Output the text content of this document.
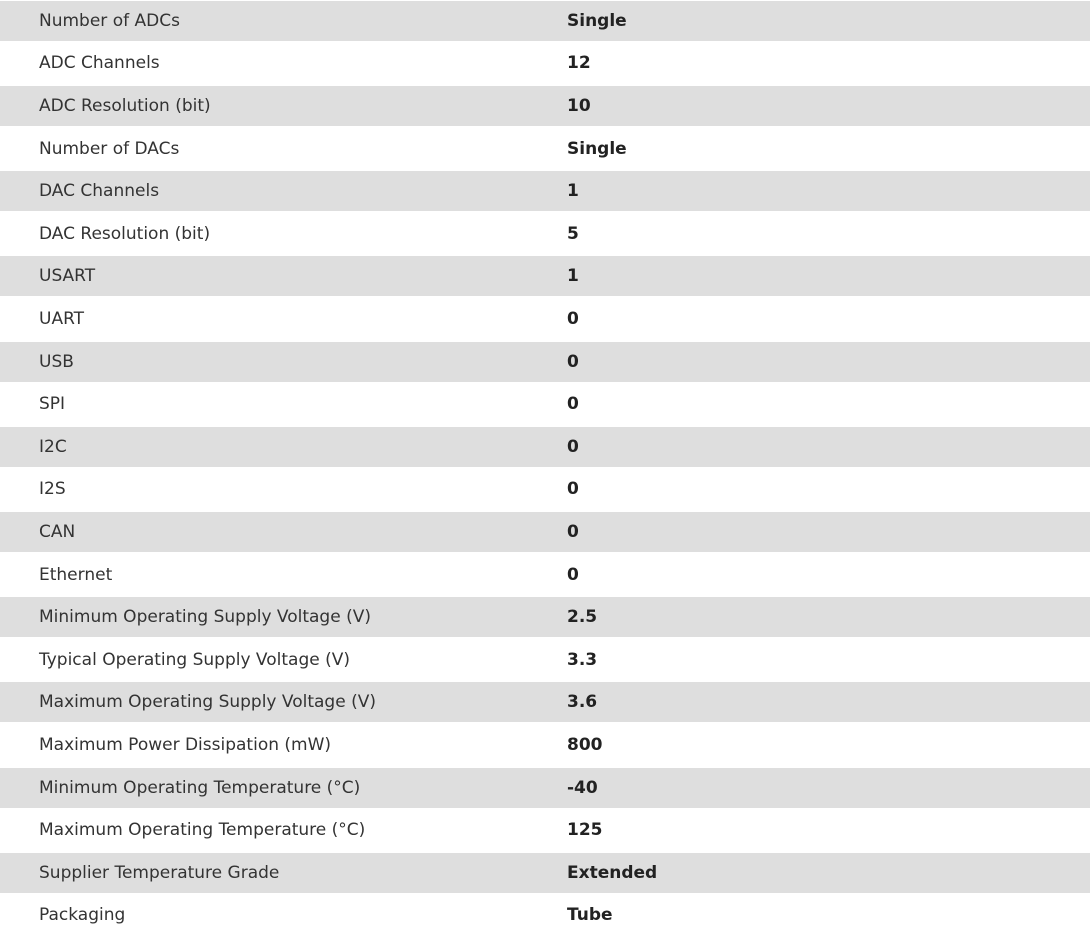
Number of ADCs	Single
ADC Channels	12
ADC Resolution (bit)	10
Number of DACs	Single
DAC Channels	1
DAC Resolution (bit)	5
USART	1
UART	0
USB	0
SPI	0
I2C	0
I2S	0
CAN	0
Ethernet	0
Minimum Operating Supply Voltage (V)	2.5
Typical Operating Supply Voltage (V)	3.3
Maximum Operating Supply Voltage (V)	3.6
Maximum Power Dissipation (mW)	800
Minimum Operating Temperature (°C)	-40
Maximum Operating Temperature (°C)	125
Supplier Temperature Grade	Extended
Packaging	Tube
